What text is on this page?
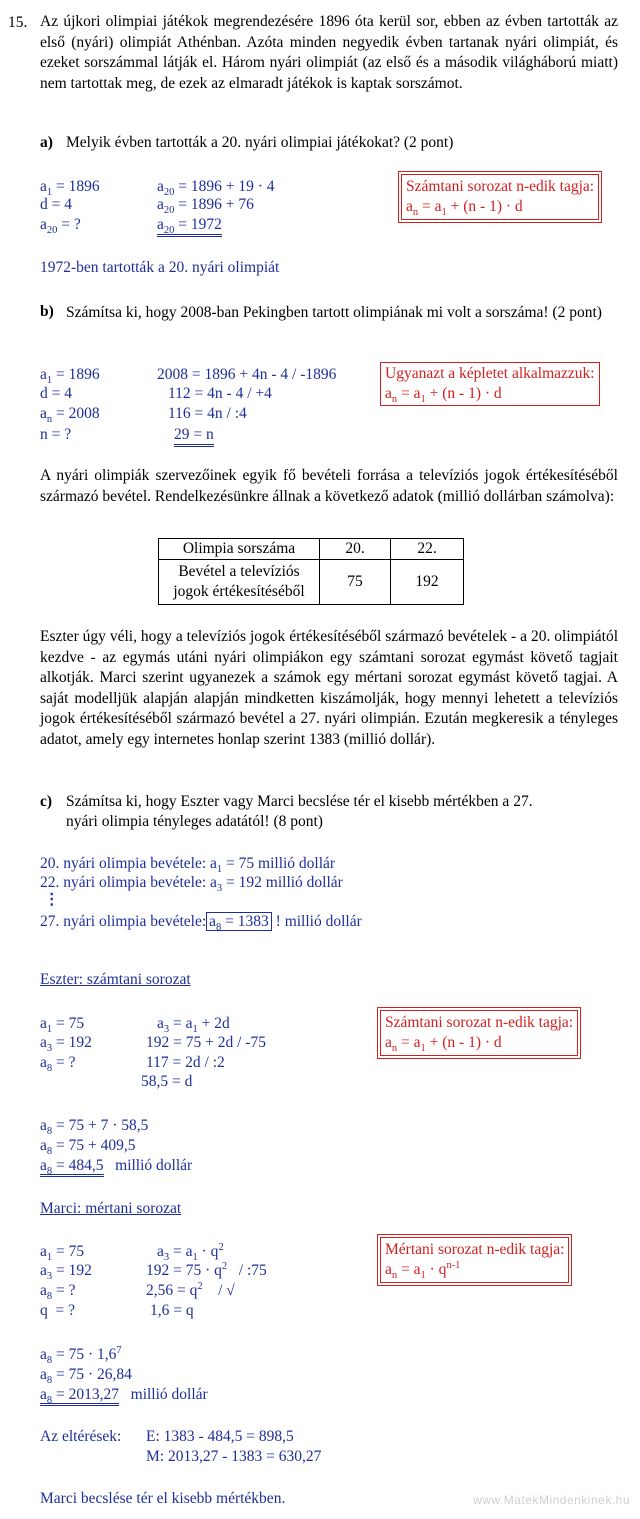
15. Az újkori olimpiai játékok megrendezésére 1896 óta kerül sor, ebben az évben tartották az első (nyári) olimpiát Athénban. Azóta minden negyedik évben tartanak nyári olimpiát, és ezeket sorszámmal látják el. Három nyári olimpiát (az első és a második világháború miatt) nem tartottak meg, de ezek az elmaradt játékok is kaptak sorszámot.
a) Melyik évben tartották a 20. nyári olimpiai játékokat? (2 pont)
$a_1 = 1896$
d = 4
$a_{20}$ = ?
$a_{20} = 1896 + 19 \cdot 4$
$a_{20} = 1896 + 76$
$a_{20} = 1972$
Számtani sorozat n-edik tagja:
$a_n = a_1 + (n - 1) \cdot d$
1972-ben tartották a 20. nyári olimpiát
b) Számítsa ki, hogy 2008-ban Pekingben tartott olimpiának mi volt a sorszáma! (2 pont)
$a_1 = 1896$
d = 4
$a_n = 2008$
n = ?
2008 = 1896 + 4n - 4 / -1896
112 = 4n - 4 / +4
116 = 4n / :4
29 = n
Ugyanazt a képletet alkalmazzuk:
$a_n = a_1 + (n - 1) \cdot d$
A nyári olimpiák szervezőinek egyik fő bevételi forrása a televíziós jogok értékesítéséből származó bevétel. Rendelkezésünkre állnak a következő adatok (millió dollárban számolva):
Olimpia sorszáma	20.	22.
Bevétel a televíziós
jogok értékesítéséből	75	192
Eszter úgy véli, hogy a televíziós jogok értékesítéséből származó bevételek - a 20. olimpiától kezdve - az egymás utáni nyári olimpiákon egy számtani sorozat egymást követő tagjait alkotják. Marci szerint ugyanezek a számok egy mértani sorozat egymást követő tagjai. A saját modelljük alapján alapján mindketten kiszámolják, hogy mennyi lehetett a televíziós jogok értékesítéséből származó bevétel a 27. nyári olimpián. Ezután megkeresik a tényleges adatot, amely egy internetes honlap szerint 1383 (millió dollár).
c) Számítsa ki, hogy Eszter vagy Marci becslése tér el kisebb mértékben a 27.
nyári olimpia tényleges adatától! (8 pont)
20. nyári olimpia bevétele: $a_1 = 75$ millió dollár
22. nyári olimpia bevétele: $a_3 = 192$ millió dollár
⋮
27. nyári olimpia bevétele: $a_8 = 1383$ ! millió dollár
Eszter: számtani sorozat
$a_1 = 75$
$a_3 = 192$
$a_8$ = ?
$a_3 = a_1 + 2d$
192 = 75 + 2d / -75
117 = 2d / :2
58,5 = d
Számtani sorozat n-edik tagja:
$a_n = a_1 + (n - 1) \cdot d$
$a_8 = 75 + 7 \cdot 58,5$
$a_8 = 75 + 409,5$
$a_8 = 484,5$ millió dollár
Marci: mértani sorozat
$a_1 = 75$
$a_3 = 192$
$a_8$ = ?
q  = ?
$a_3 = a_1 \cdot q^2$
$192 = 75 \cdot q^2$   / :75
$2,56 = q^2$    / √
1,6 = q
Mértani sorozat n-edik tagja:
$a_n = a_1 \cdot q^{n-1}$
$a_8 = 75 \cdot 1,6^7$
$a_8 = 75 \cdot 26,84$
$a_8 = 2013,27$ millió dollár
Az eltérések: E: 1383 - 484,5 = 898,5
M: 2013,27 - 1383 = 630,27
Marci becslése tér el kisebb mértékben.	www.MatekMindenkinek.hu
